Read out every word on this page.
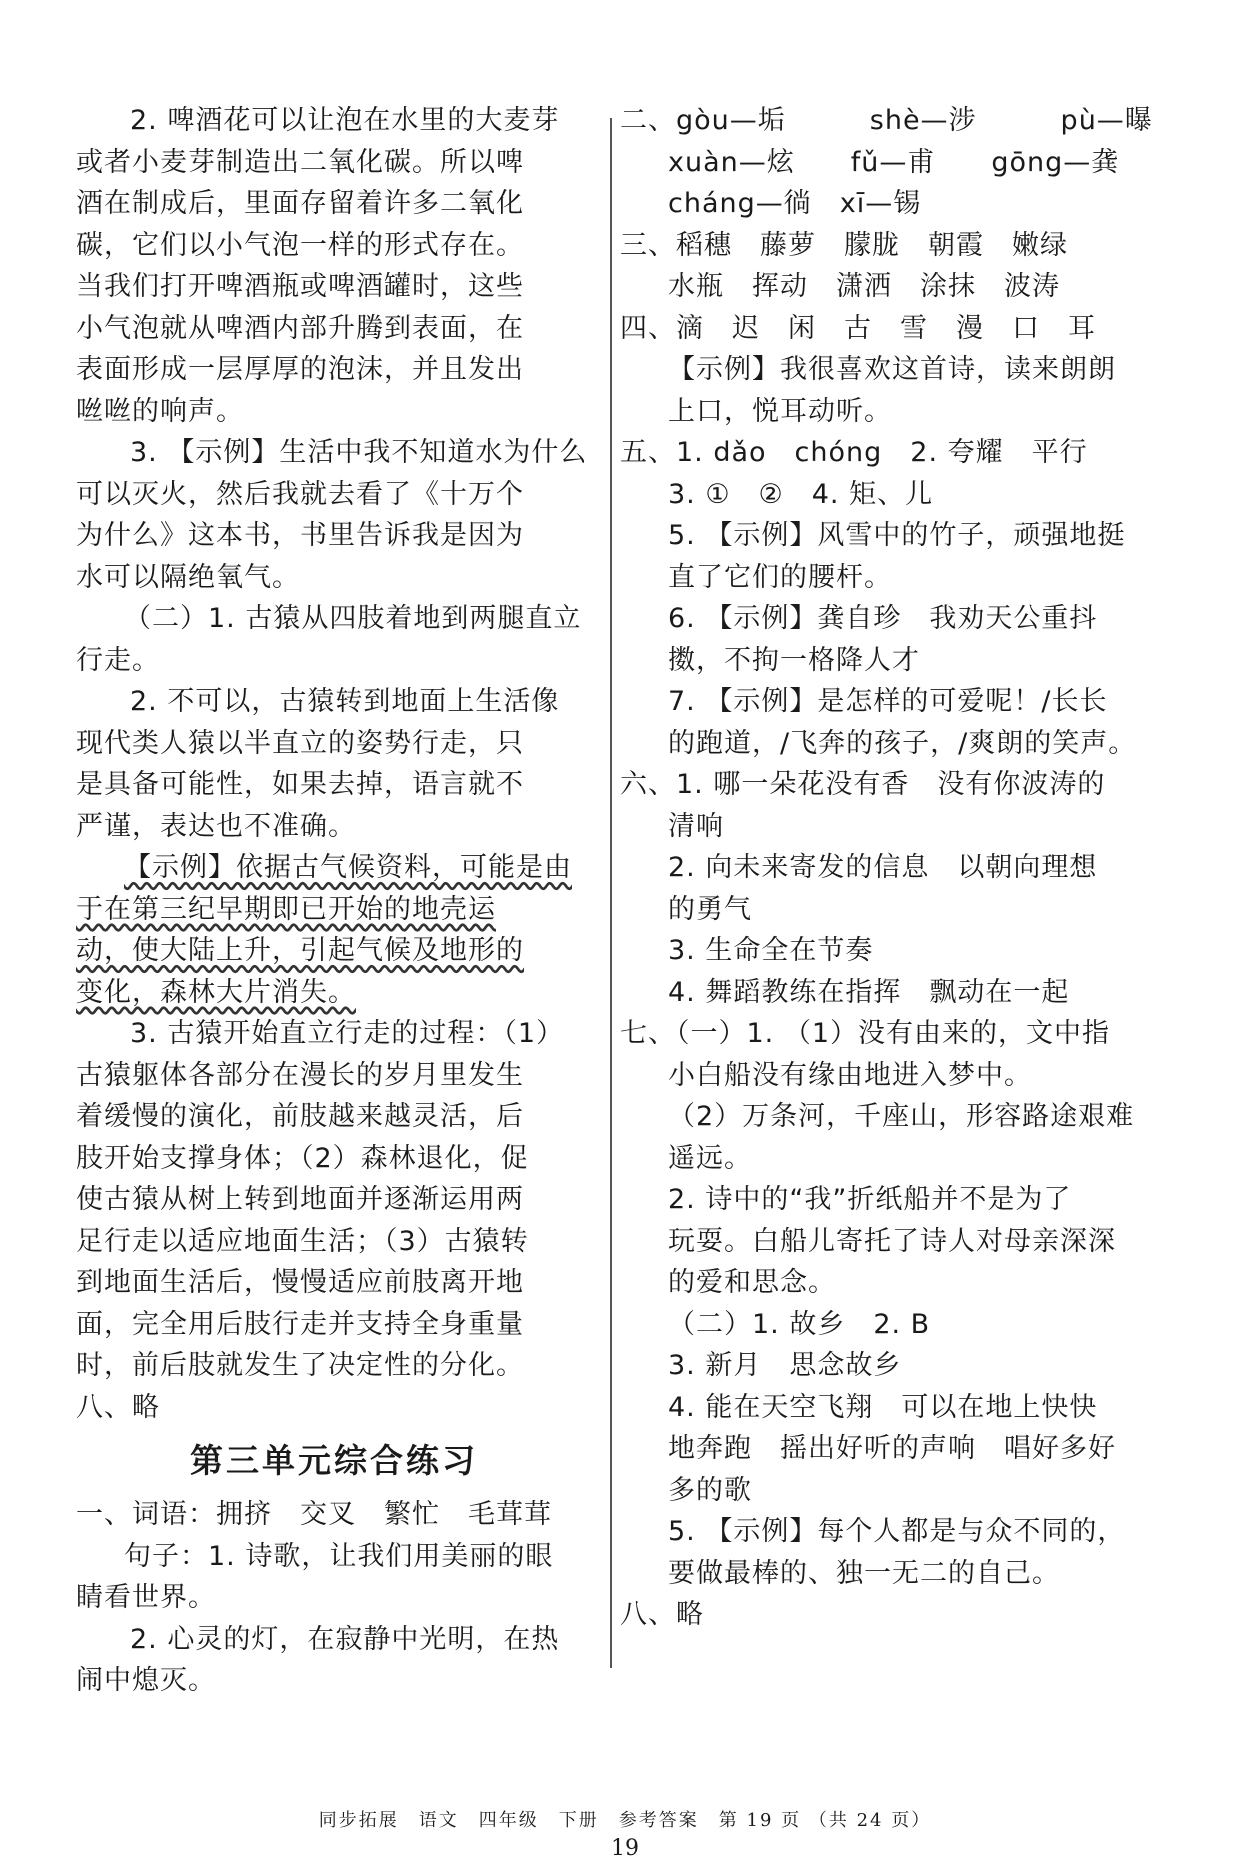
2. 啤酒花可以让泡在水里的大麦芽
或者小麦芽制造出二氧化碳。所以啤
酒在制成后，里面存留着许多二氧化
碳，它们以小气泡一样的形式存在。
当我们打开啤酒瓶或啤酒罐时，这些
小气泡就从啤酒内部升腾到表面，在
表面形成一层厚厚的泡沫，并且发出
咝咝的响声。
3. 【示例】生活中我不知道水为什么
可以灭火，然后我就去看了《十万个
为什么》这本书，书里告诉我是因为
水可以隔绝氧气。
（二）1. 古猿从四肢着地到两腿直立
行走。
2. 不可以，古猿转到地面上生活像
现代类人猿以半直立的姿势行走，只
是具备可能性，如果去掉，语言就不
严谨，表达也不准确。
【示例】依据古气候资料，可能是由
于在第三纪早期即已开始的地壳运
动，使大陆上升，引起气候及地形的
变化，森林大片消失。
3. 古猿开始直立行走的过程：（1）
古猿躯体各部分在漫长的岁月里发生
着缓慢的演化，前肢越来越灵活，后
肢开始支撑身体；（2）森林退化，促
使古猿从树上转到地面并逐渐运用两
足行走以适应地面生活；（3）古猿转
到地面生活后，慢慢适应前肢离开地
面，完全用后肢行走并支持全身重量
时，前后肢就发生了决定性的分化。
八、略
第三单元综合练习
一、词语：拥挤　交叉　繁忙　毛茸茸
句子：1. 诗歌，让我们用美丽的眼
睛看世界。
2. 心灵的灯，在寂静中光明，在热
闹中熄灭。
二、gòu—垢　　　shè—涉　　　pù—曝
xuàn—炫　　fǔ—甫　　gōng—龚
cháng—徜　xī—锡
三、稻穗　藤萝　朦胧　朝霞　嫩绿
水瓶　挥动　潇洒　涂抹　波涛
四、滴　迟　闲　古　雪　漫　口　耳
【示例】我很喜欢这首诗，读来朗朗
上口，悦耳动听。
五、1. dǎo　chóng　2. 夸耀　平行
3. ①　②　4. 矩、儿
5. 【示例】风雪中的竹子，顽强地挺
直了它们的腰杆。
6. 【示例】龚自珍　我劝天公重抖
擞，不拘一格降人才
7. 【示例】是怎样的可爱呢！/长长
的跑道，/飞奔的孩子，/爽朗的笑声。
六、1. 哪一朵花没有香　没有你波涛的
清响
2. 向未来寄发的信息　以朝向理想
的勇气
3. 生命全在节奏
4. 舞蹈教练在指挥　飘动在一起
七、（一）1. （1）没有由来的，文中指
小白船没有缘由地进入梦中。
（2）万条河，千座山，形容路途艰难
遥远。
2. 诗中的“我”折纸船并不是为了
玩耍。白船儿寄托了诗人对母亲深深
的爱和思念。
（二）1. 故乡　2. B
3. 新月　思念故乡
4. 能在天空飞翔　可以在地上快快
地奔跑　摇出好听的声响　唱好多好
多的歌
5. 【示例】每个人都是与众不同的，
要做最棒的、独一无二的自己。
八、略
同步拓展　语文　四年级　下册　参考答案　第 19 页 （共 24 页）
19
